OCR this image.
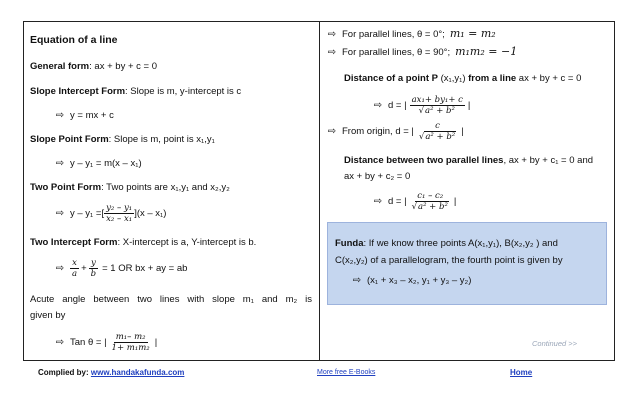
Equation of a line
General form: ax + by + c = 0
Slope Intercept Form: Slope is m, y-intercept is c
⇨ y = mx + c
Slope Point Form: Slope is m, point is x₁,y₁
⇨ y – y₁ = m(x – x₁)
Two Point Form: Two points are x₁,y₁ and x₂,y₂
⇨ y – y₁ =[ $\frac{\text{y₂ – y₁}}{\text{x₂ – x₁}} ](x - x_1)$
Two Intercept Form: X-intercept is a, Y-intercept is b.
⇨ $\frac{x}{a} + \frac{y}{b} = 1$ OR bx + ay = ab
Acute angle between two lines with slope m₁ and m₂ is
given by
⇨ Tan θ = | $\frac{\text{m₁– m₂}}{\text{1+ m₁m₂}}$ |
⇨ For parallel lines, θ = 0°; m₁ = m₂
⇨ For parallel lines, θ = 90°; m₁m₂ = −1
Distance of a point P (x₁,y₁) from a line ax + by + c = 0
⇨ d = | $\frac{\text{ax₁+ by₁+ c}}{\text{√a² + b²}}$ |
⇨ From origin, d = | $\frac{c}{\text{√a² + b²}}$ |
Distance between two parallel lines, ax + by + c₁ = 0 and
ax + by + c₂ = 0
⇨ d = | $\frac{\text{c₁ – c₂}}{\text{√a² + b²}}$ |
Funda: If we know three points A(x₁,y₁), B(x₂,y₂ ) and
C(x₂,y₂) of a parallelogram, the fourth point is given by
⇨ (x₁ + x₃ – x₂, y₁ + y₃ – y₂)
Continued >>
Complied by: www.handakafunda.com	More free E-Books	Home
